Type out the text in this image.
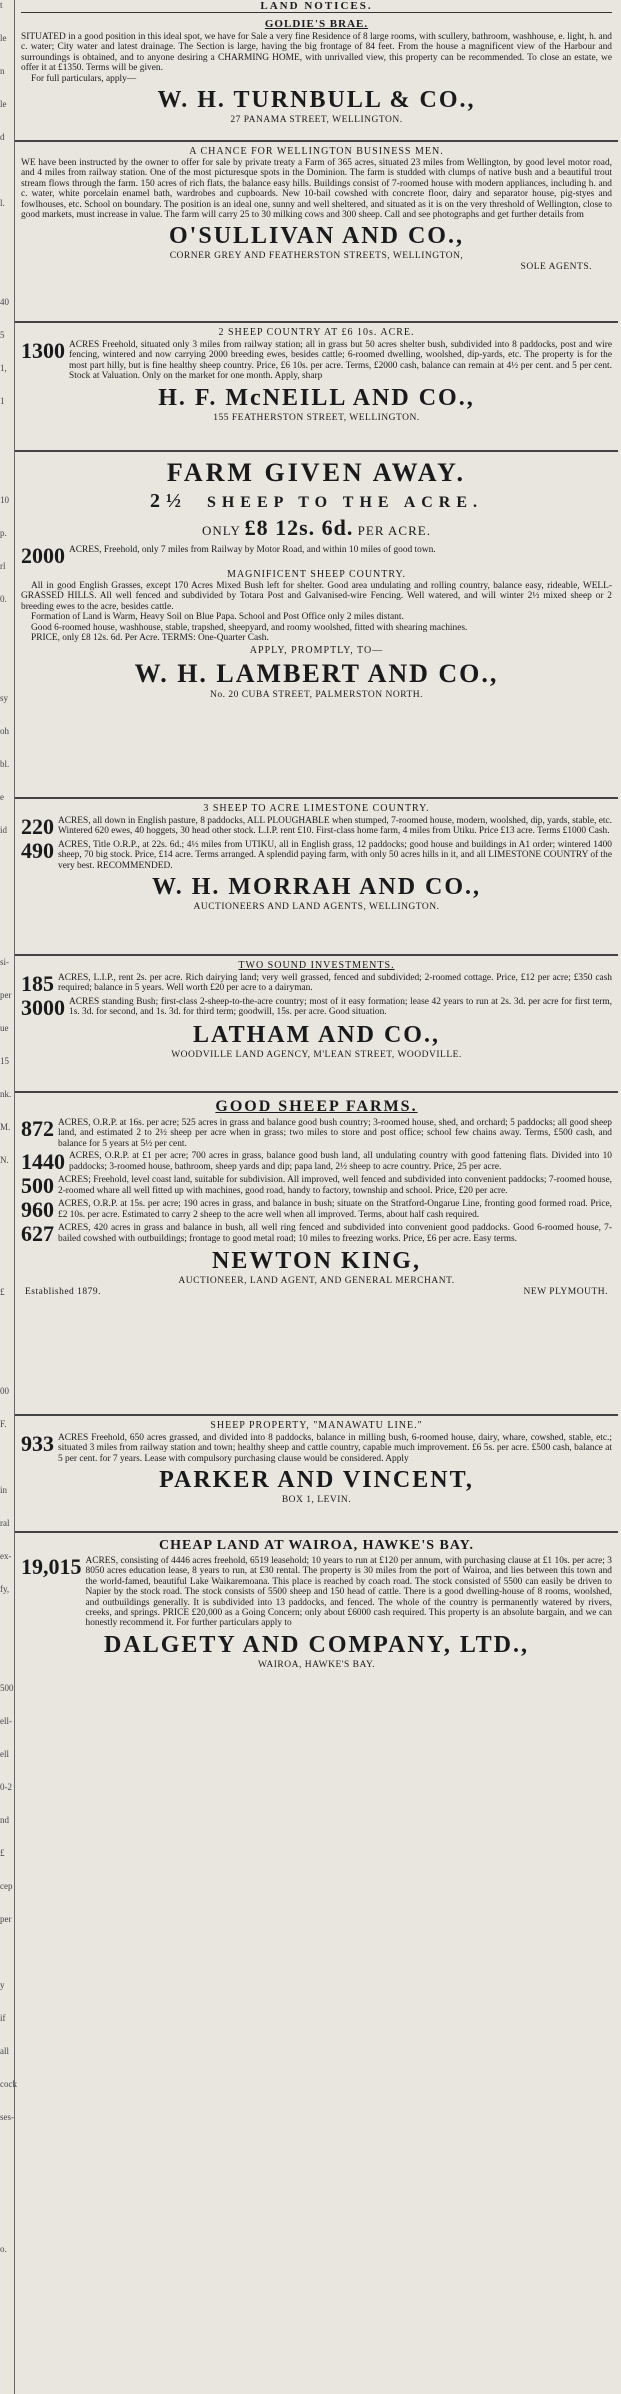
t
le
n
le
d
l.
40
5
1,
1
10
p.
rl
0.
sy
oh
bl.
e
id
si-
per
ue
15
nk.
M.
N.
£
00
F.
in
ral
ex-
fy,
500
ell-
ell
0-2
nd
£
cep
per
y
if
all
cock
ses-
o.
LAND NOTICES.
GOLDIE'S BRAE.

SITUATED in a good position in this ideal spot, we have for Sale a very fine Residence of 8 large rooms, with scullery, bathroom, washhouse, e. light, h. and c. water; City water and latest drainage. The Section is large, having the big frontage of 84 feet. From the house a magnificent view of the Harbour and surroundings is obtained, and to anyone desiring a CHARMING HOME, with unrivalled view, this property can be recommended. To close an estate, we offer it at £1350. Terms will be given.

For full particulars, apply—

W. H. TURNBULL & CO.,
27 PANAMA STREET, WELLINGTON.
A CHANCE FOR WELLINGTON BUSINESS MEN.

WE have been instructed by the owner to offer for sale by private treaty a Farm of 365 acres, situated 23 miles from Wellington, by good level motor road, and 4 miles from railway station. One of the most picturesque spots in the Dominion. The farm is studded with clumps of native bush and a beautiful trout stream flows through the farm. 150 acres of rich flats, the balance easy hills. Buildings consist of 7-roomed house with modern appliances, including h. and c. water, white porcelain enamel bath, wardrobes and cupboards. New 10-bail cowshed with concrete floor, dairy and separator house, pig-styes and fowlhouses, etc. School on boundary. The position is an ideal one, sunny and well sheltered, and situated as it is on the very threshold of Wellington, close to good markets, must increase in value. The farm will carry 25 to 30 milking cows and 300 sheep. Call and see photographs and get further details from

O'SULLIVAN AND CO.,
CORNER GREY AND FEATHERSTON STREETS, WELLINGTON,
SOLE AGENTS.
2 SHEEP COUNTRY AT £6 10s. ACRE.
1300 ACRES Freehold, situated only 3 miles from railway station; all in grass but 50 acres shelter bush, subdivided into 8 paddocks, post and wire fencing, wintered and now carrying 2000 breeding ewes, besides cattle; 6-roomed dwelling, woolshed, dip-yards, etc. The property is for the most part hilly, but is fine healthy sheep country. Price, £6 10s. per acre. Terms, £2000 cash, balance can remain at 4½ per cent. and 5 per cent. Stock at Valuation. Only on the market for one month. Apply, sharp
H. F. McNEILL AND CO.,
155 FEATHERSTON STREET, WELLINGTON.
FARM GIVEN AWAY.
2½ SHEEP TO THE ACRE.
ONLY £8 12s. 6d. PER ACRE.
2000 ACRES, Freehold, only 7 miles from Railway by Motor Road, and within 10 miles of good town.
MAGNIFICENT SHEEP COUNTRY.

All in good English Grasses, except 170 Acres Mixed Bush left for shelter. Good area undulating and rolling country, balance easy, rideable, WELL-GRASSED HILLS. All well fenced and subdivided by Totara Post and Galvanised-wire Fencing. Well watered, and will winter 2½ mixed sheep or 2 breeding ewes to the acre, besides cattle.

Formation of Land is Warm, Heavy Soil on Blue Papa. School and Post Office only 2 miles distant.

Good 6-roomed house, washhouse, stable, trapshed, sheepyard, and roomy woolshed, fitted with shearing machines.

PRICE, only £8 12s. 6d. Per Acre. TERMS: One-Quarter Cash.

APPLY, PROMPTLY, TO—
W. H. LAMBERT AND CO.,
No. 20 CUBA STREET, PALMERSTON NORTH.
3 SHEEP TO ACRE LIMESTONE COUNTRY.
220 ACRES, all down in English pasture, 8 paddocks, ALL PLOUGHABLE when stumped, 7-roomed house, modern, woolshed, dip, yards, stable, etc. Wintered 620 ewes, 40 hoggets, 30 head other stock. L.I.P. rent £10. First-class home farm, 4 miles from Utiku. Price £13 acre. Terms £1000 Cash.
490 ACRES, Title O.R.P., at 22s. 6d.; 4½ miles from UTIKU, all in English grass, 12 paddocks; good house and buildings in A1 order; wintered 1400 sheep, 70 big stock. Price, £14 acre. Terms arranged. A splendid paying farm, with only 50 acres hills in it, and all LIMESTONE COUNTRY of the very best. RECOMMENDED.
W. H. MORRAH AND CO.,
AUCTIONEERS AND LAND AGENTS, WELLINGTON.
TWO SOUND INVESTMENTS.
185 ACRES, L.I.P., rent 2s. per acre. Rich dairying land; very well grassed, fenced and subdivided; 2-roomed cottage. Price, £12 per acre; £350 cash required; balance in 5 years. Well worth £20 per acre to a dairyman.
3000 ACRES standing Bush; first-class 2-sheep-to-the-acre country; most of it easy formation; lease 42 years to run at 2s. 3d. per acre for first term, 1s. 3d. for second, and 1s. 3d. for third term; goodwill, 15s. per acre. Good situation.
LATHAM AND CO.,
WOODVILLE LAND AGENCY, M'LEAN STREET, WOODVILLE.
GOOD SHEEP FARMS.
872 ACRES, O.R.P. at 16s. per acre; 525 acres in grass and balance good bush country; 3-roomed house, shed, and orchard; 5 paddocks; all good sheep land, and estimated 2 to 2½ sheep per acre when in grass; two miles to store and post office; school few chains away. Terms, £500 cash, and balance for 5 years at 5½ per cent.
1440 ACRES, O.R.P. at £1 per acre; 700 acres in grass, balance good bush land, all undulating country with good fattening flats. Divided into 10 paddocks; 3-roomed house, bathroom, sheep yards and dip; papa land, 2½ sheep to acre country. Price, 25 per acre.
500 ACRES; Freehold, level coast land, suitable for subdivision. All improved, well fenced and subdivided into convenient paddocks; 7-roomed house, 2-roomed whare all well fitted up with machines, good road, handy to factory, township and school. Price, £20 per acre.
960 ACRES, O.R.P. at 15s. per acre; 190 acres in grass, and balance in bush; situate on the Stratford-Ongarue Line, fronting good formed road. Price, £2 10s. per acre. Estimated to carry 2 sheep to the acre well when all improved. Terms, about half cash required.
627 ACRES, 420 acres in grass and balance in bush, all well ring fenced and subdivided into convenient good paddocks. Good 6-roomed house, 7-bailed cowshed with outbuildings; frontage to good metal road; 10 miles to freezing works. Price, £6 per acre. Easy terms.
NEWTON KING,
AUCTIONEER, LAND AGENT, AND GENERAL MERCHANT.
Established 1879.	NEW PLYMOUTH.
SHEEP PROPERTY, "MANAWATU LINE."
933 ACRES Freehold, 650 acres grassed, and divided into 8 paddocks, balance in milling bush, 6-roomed house, dairy, whare, cowshed, stable, etc.; situated 3 miles from railway station and town; healthy sheep and cattle country, capable much improvement. £6 5s. per acre. £500 cash, balance at 5 per cent. for 7 years. Lease with compulsory purchasing clause would be considered. Apply
PARKER AND VINCENT,
BOX 1, LEVIN.
CHEAP LAND AT WAIROA, HAWKE'S BAY.
19,015 ACRES, consisting of 4446 acres freehold, 6519 leasehold; 10 years to run at £120 per annum, with purchasing clause at £1 10s. per acre; 3 8050 acres education lease, 8 years to run, at £30 rental. The property is 30 miles from the port of Wairoa, and lies between this town and the world-famed, beautiful Lake Waikaremoana. This place is reached by coach road. The stock consisted of 5500 can easily be driven to Napier by the stock road. The stock consists of 5500 sheep and 150 head of cattle. There is a good dwelling-house of 8 rooms, woolshed, and outbuildings generally. It is subdivided into 13 paddocks, and fenced. The whole of the country is permanently watered by rivers, creeks, and springs. PRICE £20,000 as a Going Concern; only about £6000 cash required. This property is an absolute bargain, and we can honestly recommend it. For further particulars apply to
DALGETY AND COMPANY, LTD.,
WAIROA, HAWKE'S BAY.
